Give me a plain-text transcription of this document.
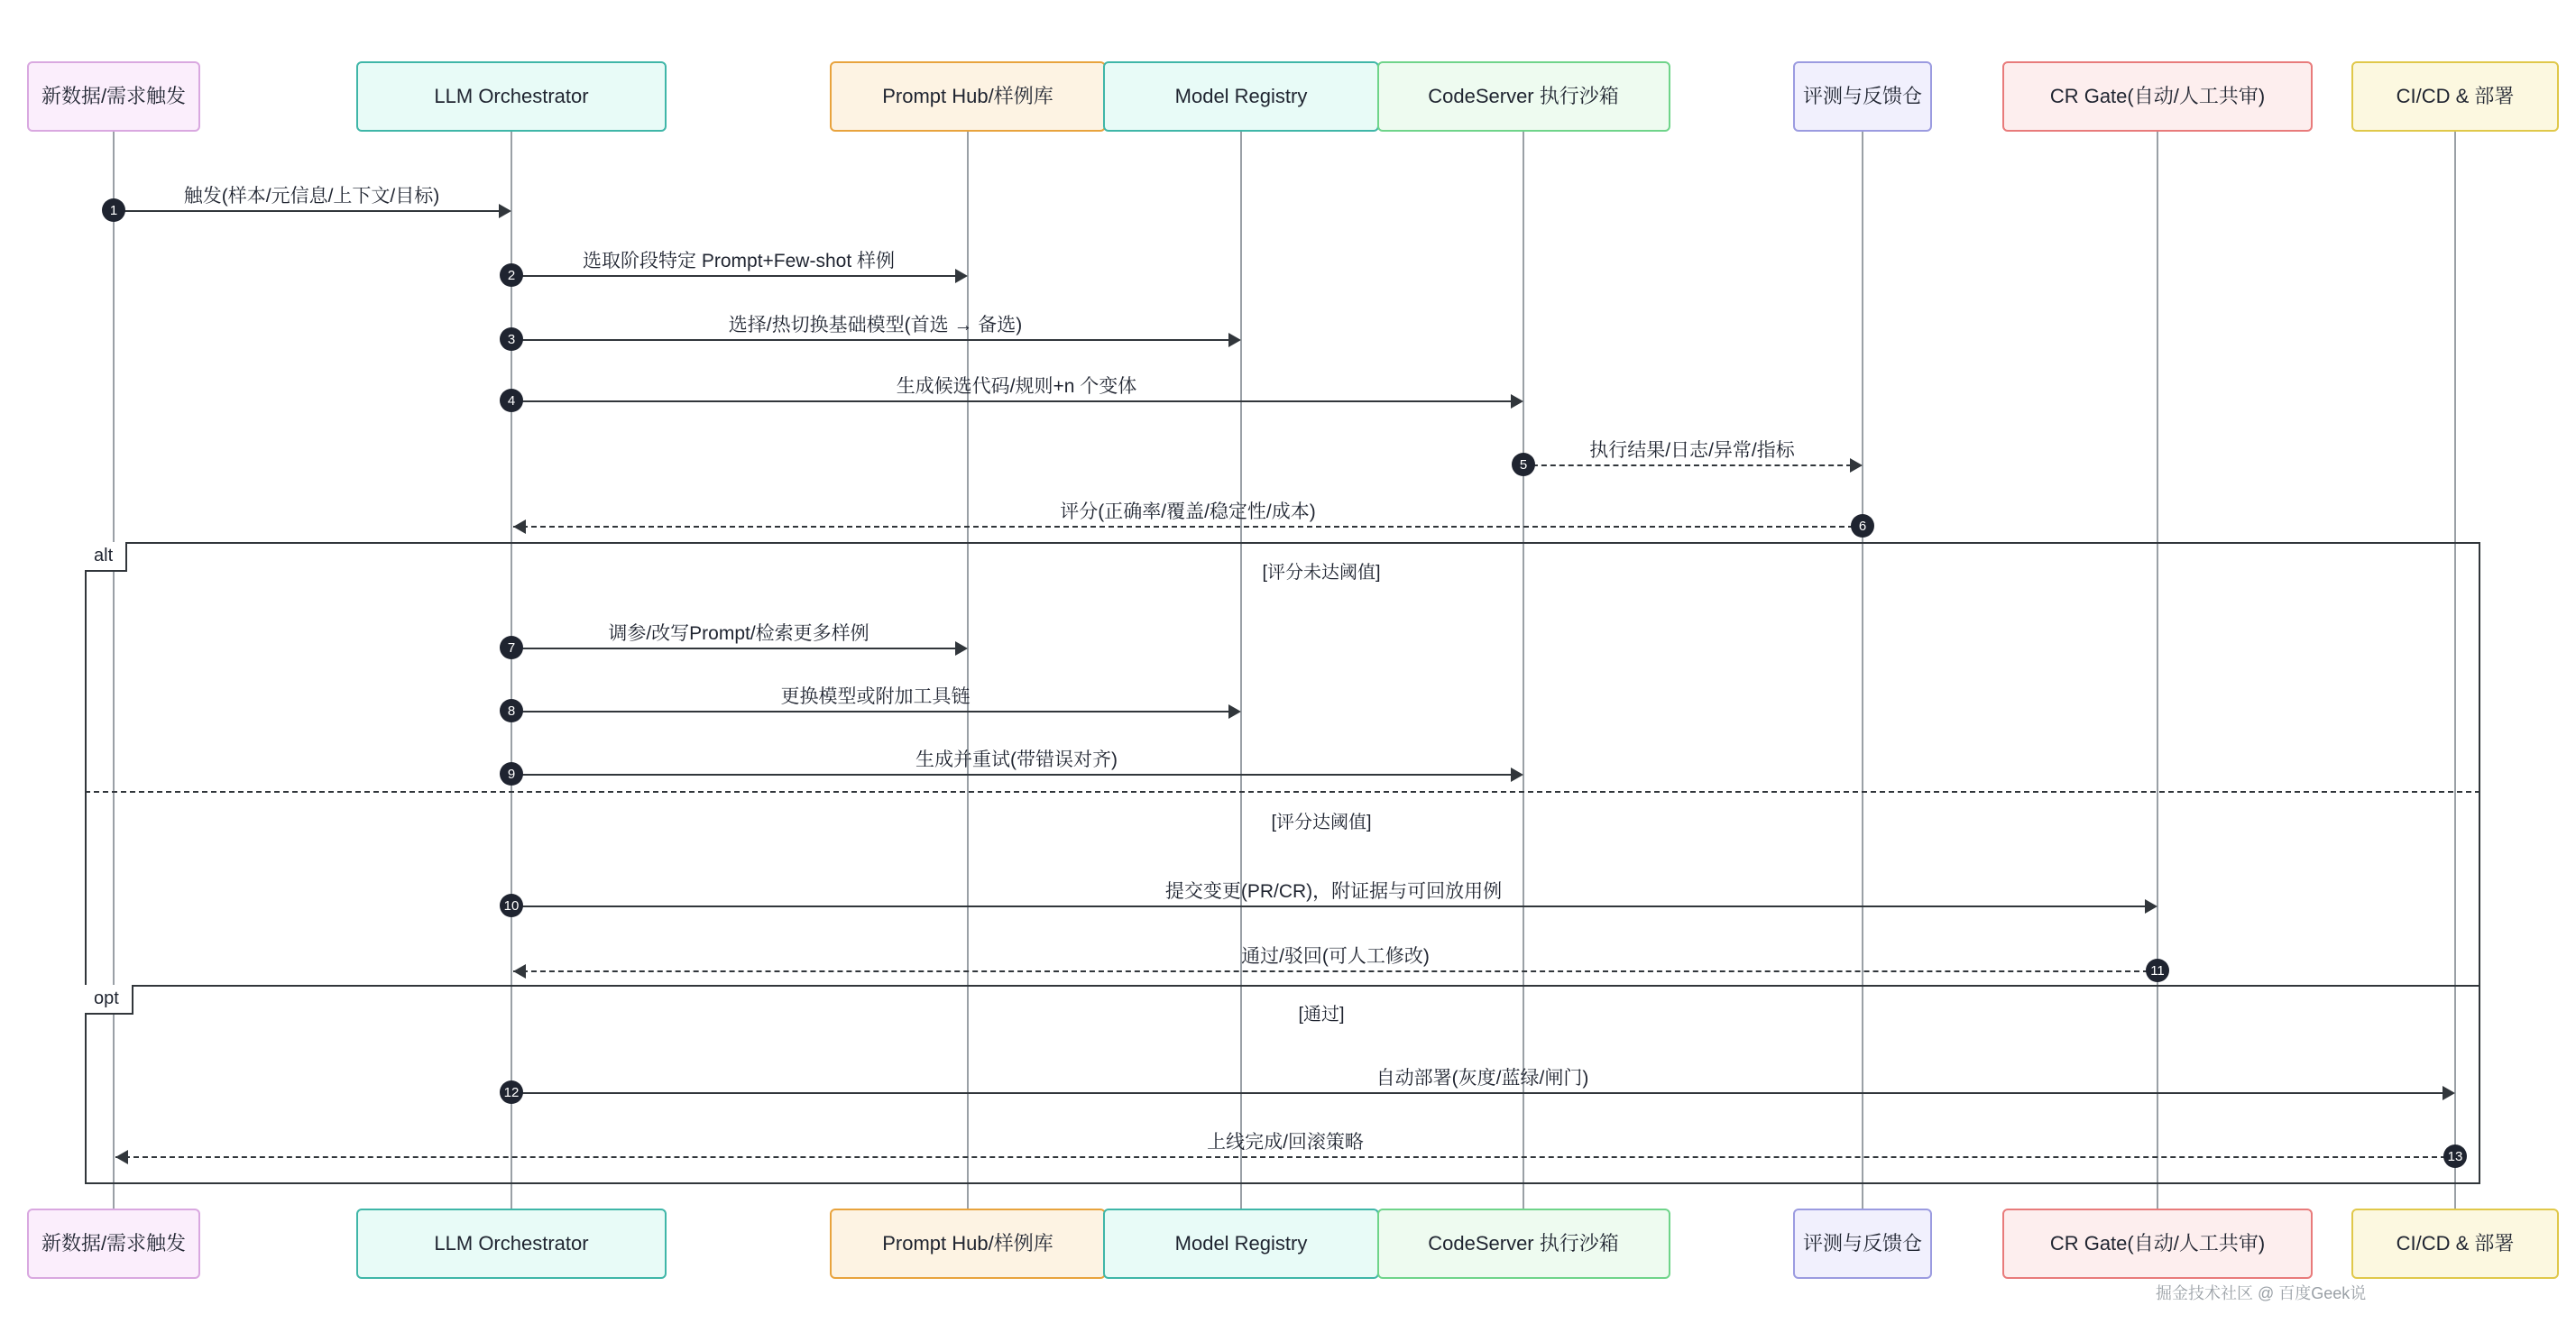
新数据/需求触发
新数据/需求触发
LLM Orchestrator
LLM Orchestrator
Prompt Hub/样例库
Prompt Hub/样例库
Model Registry
Model Registry
CodeServer 执行沙箱
CodeServer 执行沙箱
评测与反馈仓
评测与反馈仓
CR Gate(自动/人工共审)
CR Gate(自动/人工共审)
CI/CD & 部署
CI/CD & 部署
alt
[评分未达阈值]
[评分达阈值]
opt
[通过]
1
触发(样本/元信息/上下文/目标)
2
选取阶段特定 Prompt+Few-shot 样例
3
选择/热切换基础模型(首选 → 备选)
4
生成候选代码/规则+n 个变体
5
执行结果/日志/异常/指标
6
评分(正确率/覆盖/稳定性/成本)
7
调参/改写Prompt/检索更多样例
8
更换模型或附加工具链
9
生成并重试(带错误对齐)
10
提交变更(PR/CR)，附证据与可回放用例
11
通过/驳回(可人工修改)
12
自动部署(灰度/蓝绿/闸门)
13
上线完成/回滚策略
掘金技术社区 @ 百度Geek说
